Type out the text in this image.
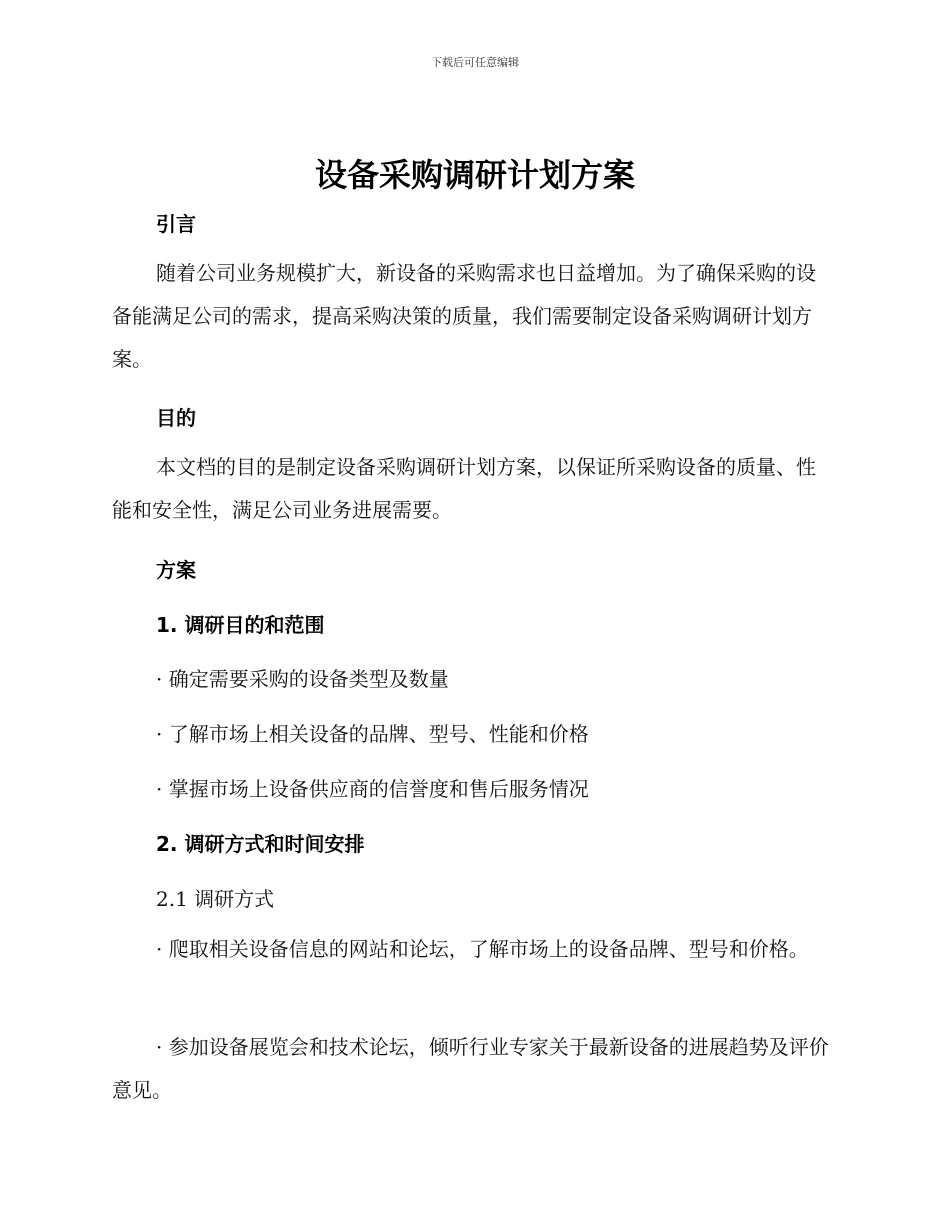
下载后可任意编辑
设备采购调研计划方案
引言
随着公司业务规模扩大，新设备的采购需求也日益增加。为了确保采购的设备能满足公司的需求，提高采购决策的质量，我们需要制定设备采购调研计划方案。
目的
本文档的目的是制定设备采购调研计划方案，以保证所采购设备的质量、性能和安全性，满足公司业务进展需要。
方案
1. 调研目的和范围
· 确定需要采购的设备类型及数量
· 了解市场上相关设备的品牌、型号、性能和价格
· 掌握市场上设备供应商的信誉度和售后服务情况
2. 调研方式和时间安排
2.1 调研方式
· 爬取相关设备信息的网站和论坛，了解市场上的设备品牌、型号和价格。
· 参加设备展览会和技术论坛，倾听行业专家关于最新设备的进展趋势及评价意见。
